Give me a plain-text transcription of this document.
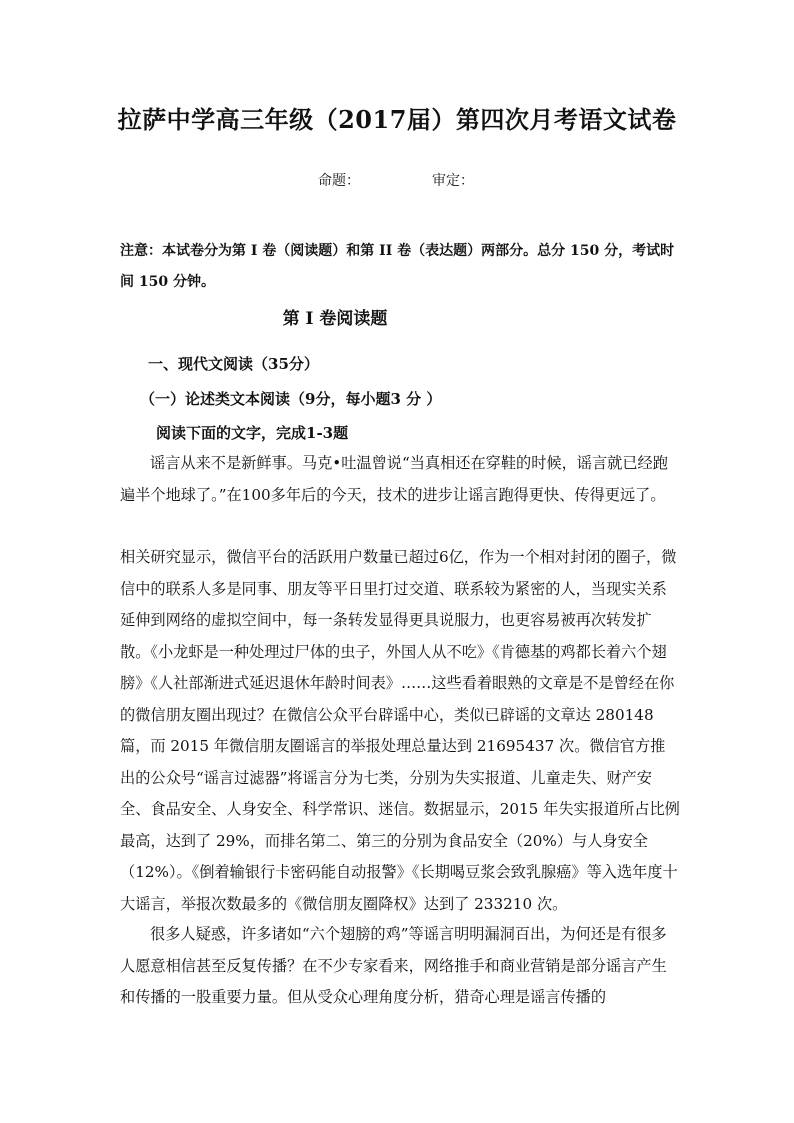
拉萨中学高三年级（2017届）第四次月考语文试卷
命题：	审定：
注意：本试卷分为第 I 卷（阅读题）和第 II 卷（表达题）两部分。总分 150 分，考试时间 150 分钟。
第 I 卷阅读题
一、现代文阅读（35分）
（一）论述类文本阅读（9分，每小题3 分 ）
阅读下面的文字，完成1-3题
谣言从来不是新鲜事。马克•吐温曾说“当真相还在穿鞋的时候，谣言就已经跑遍半个地球了。”在100多年后的今天，技术的进步让谣言跑得更快、传得更远了。
相关研究显示，微信平台的活跃用户数量已超过6亿，作为一个相对封闭的圈子，微信中的联系人多是同事、朋友等平日里打过交道、联系较为紧密的人，当现实关系延伸到网络的虚拟空间中，每一条转发显得更具说服力，也更容易被再次转发扩散。《小龙虾是一种处理过尸体的虫子，外国人从不吃》《肯德基的鸡都长着六个翅膀》《人社部渐进式延迟退休年龄时间表》……这些看着眼熟的文章是不是曾经在你的微信朋友圈出现过？在微信公众平台辟谣中心，类似已辟谣的文章达 280148 篇，而 2015 年微信朋友圈谣言的举报处理总量达到 21695437 次。微信官方推出的公众号“谣言过滤器”将谣言分为七类，分别为失实报道、儿童走失、财产安全、食品安全、人身安全、科学常识、迷信。数据显示，2015 年失实报道所占比例最高，达到了 29%，而排名第二、第三的分别为食品安全（20%）与人身安全（12%）。《倒着输银行卡密码能自动报警》《长期喝豆浆会致乳腺癌》等入选年度十大谣言，举报次数最多的《微信朋友圈降权》达到了 233210 次。
很多人疑惑，许多诸如“六个翅膀的鸡”等谣言明明漏洞百出，为何还是有很多人愿意相信甚至反复传播？在不少专家看来，网络推手和商业营销是部分谣言产生和传播的一股重要力量。但从受众心理角度分析，猎奇心理是谣言传播的
